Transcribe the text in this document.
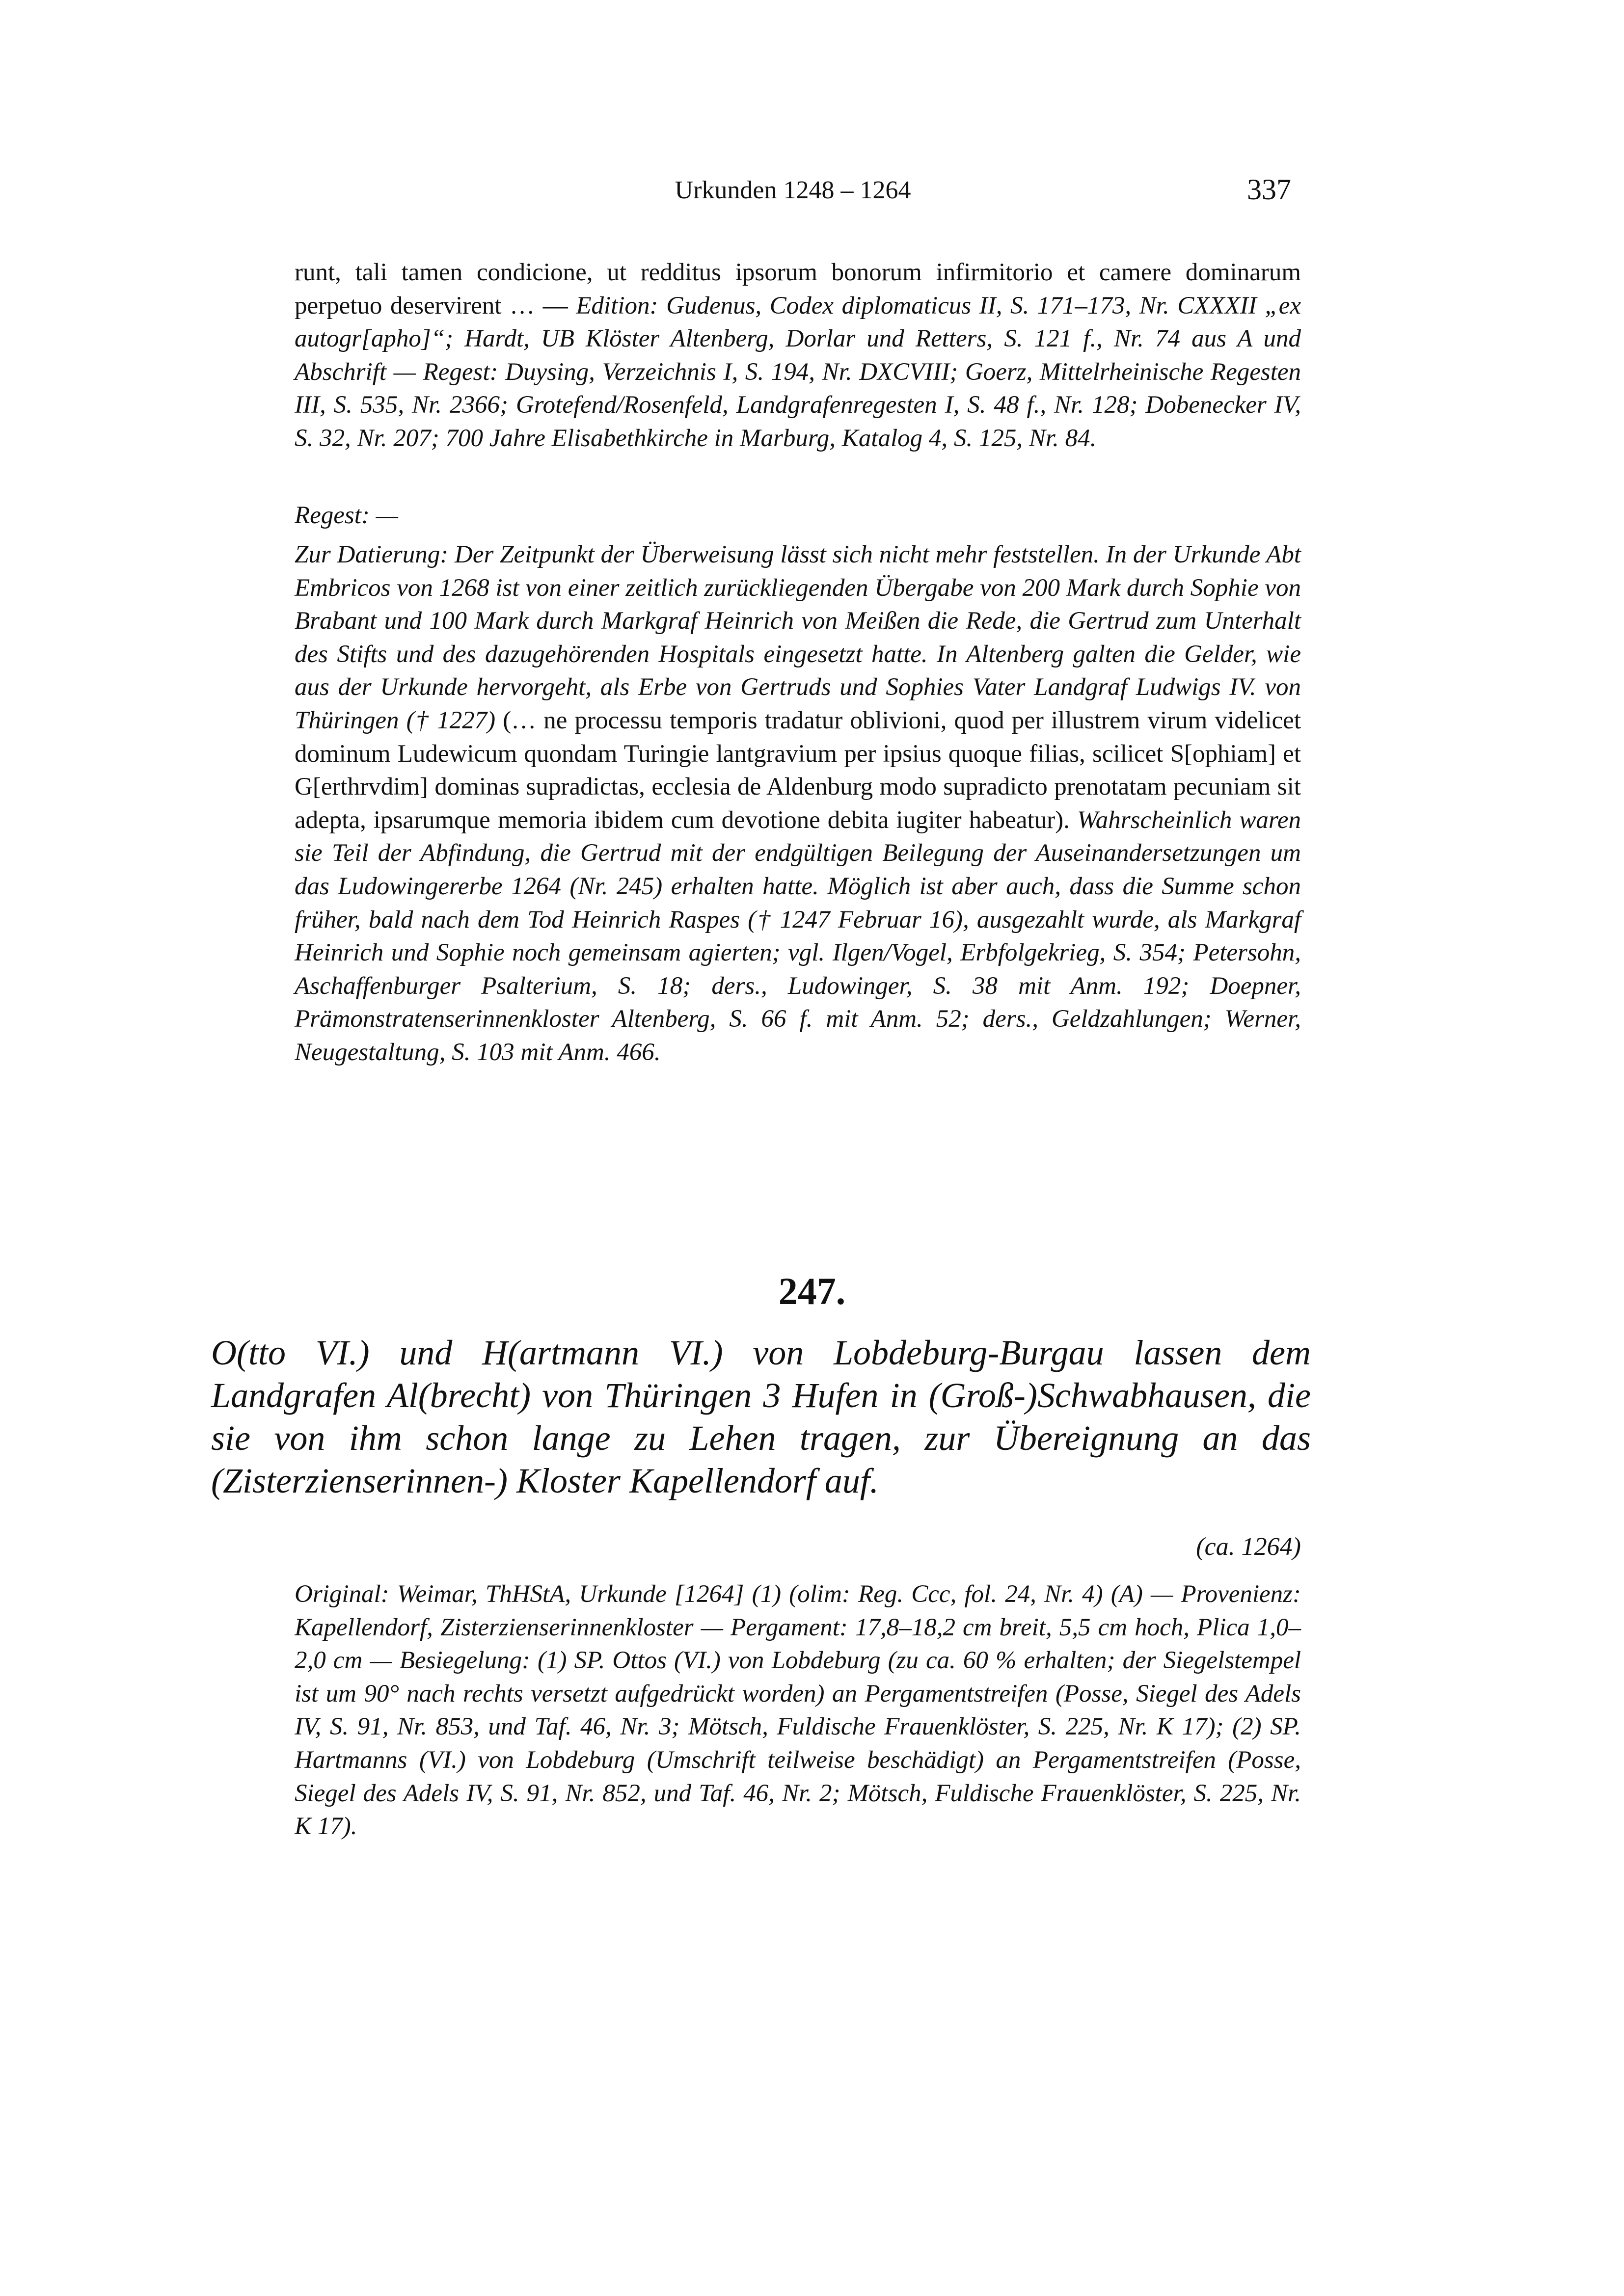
Urkunden 1248 – 1264	337
runt, tali tamen condicione, ut redditus ipsorum bonorum infirmitorio et camere dominarum perpetuo deservirent … — Edition: Gudenus, Codex diplomaticus II, S. 171–173, Nr. CXXXII „ex autogr[apho]“; Hardt, UB Klöster Altenberg, Dorlar und Retters, S. 121 f., Nr. 74 aus A und Abschrift — Regest: Duysing, Verzeichnis I, S. 194, Nr. DXCVIII; Goerz, Mittelrheinische Regesten III, S. 535, Nr. 2366; Grotefend/Rosenfeld, Landgrafenregesten I, S. 48 f., Nr. 128; Dobenecker IV, S. 32, Nr. 207; 700 Jahre Elisabethkirche in Marburg, Katalog 4, S. 125, Nr. 84.
Regest: —
Zur Datierung: Der Zeitpunkt der Überweisung lässt sich nicht mehr feststellen. In der Urkunde Abt Embricos von 1268 ist von einer zeitlich zurückliegenden Übergabe von 200 Mark durch Sophie von Brabant und 100 Mark durch Markgraf Heinrich von Meißen die Rede, die Gertrud zum Unterhalt des Stifts und des dazugehörenden Hospitals eingesetzt hatte. In Altenberg galten die Gelder, wie aus der Urkunde hervorgeht, als Erbe von Gertruds und Sophies Vater Landgraf Ludwigs IV. von Thüringen († 1227) (… ne processu temporis tradatur oblivioni, quod per illustrem virum videlicet dominum Ludewicum quondam Turingie lantgravium per ipsius quoque filias, scilicet S[ophiam] et G[erthrvdim] dominas supradictas, ecclesia de Aldenburg modo supradicto prenotatam pecuniam sit adepta, ipsarumque memoria ibidem cum devotione debita iugiter habeatur). Wahrscheinlich waren sie Teil der Abfindung, die Gertrud mit der endgültigen Beilegung der Auseinandersetzungen um das Ludowingererbe 1264 (Nr. 245) erhalten hatte. Möglich ist aber auch, dass die Summe schon früher, bald nach dem Tod Heinrich Raspes († 1247 Februar 16), ausgezahlt wurde, als Markgraf Heinrich und Sophie noch gemeinsam agierten; vgl. Ilgen/Vogel, Erbfolgekrieg, S. 354; Petersohn, Aschaffenburger Psalterium, S. 18; ders., Ludowinger, S. 38 mit Anm. 192; Doepner, Prämonstratenserinnenkloster Altenberg, S. 66 f. mit Anm. 52; ders., Geldzahlungen; Werner, Neugestaltung, S. 103 mit Anm. 466.
247.
O(tto VI.) und H(artmann VI.) von Lobdeburg-Burgau lassen dem Landgrafen Al(brecht) von Thüringen 3 Hufen in (Groß-)Schwabhausen, die sie von ihm schon lange zu Lehen tragen, zur Übereignung an das (Zisterzienserinnen-) Kloster Kapellendorf auf.
(ca. 1264)
Original: Weimar, ThHStA, Urkunde [1264] (1) (olim: Reg. Ccc, fol. 24, Nr. 4) (A) — Provenienz: Kapellendorf, Zisterzienserinnenkloster — Pergament: 17,8–18,2 cm breit, 5,5 cm hoch, Plica 1,0–2,0 cm — Besiegelung: (1) SP. Ottos (VI.) von Lobdeburg (zu ca. 60 % erhalten; der Siegelstempel ist um 90° nach rechts versetzt aufgedrückt worden) an Pergamentstreifen (Posse, Siegel des Adels IV, S. 91, Nr. 853, und Taf. 46, Nr. 3; Mötsch, Fuldische Frauenklöster, S. 225, Nr. K 17); (2) SP. Hartmanns (VI.) von Lobdeburg (Umschrift teilweise beschädigt) an Pergamentstreifen (Posse, Siegel des Adels IV, S. 91, Nr. 852, und Taf. 46, Nr. 2; Mötsch, Fuldische Frauenklöster, S. 225, Nr. K 17).
